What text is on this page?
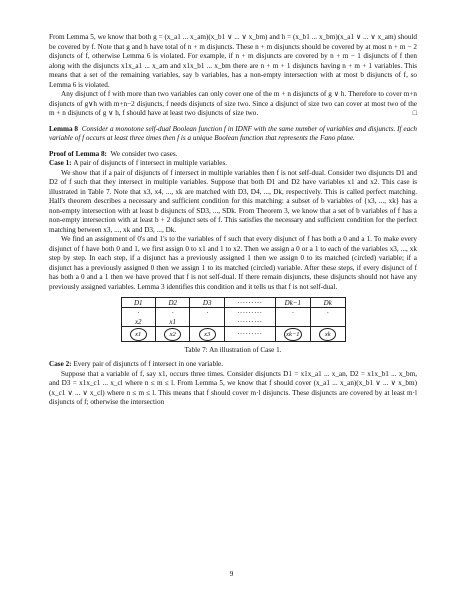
From Lemma 5, we know that both g = (x_a1 ... x_am)(x_b1 ∨ ... ∨ x_bm) and h = (x_b1 ... x_bm)(x_a1 ∨ ... ∨ x_am) should be covered by f. Note that g and h have total of n + m disjuncts. These n + m disjuncts should be covered by at most n + m − 2 disjuncts of f, otherwise Lemma 6 is violated. For example, if n + m disjuncts are covered by n + m − 1 disjuncts of f then along with the disjuncts x1x_a1 ... x_am and x1x_b1 ... x_bm there are n + m + 1 disjuncts having n + m + 1 variables. This means that a set of the remaining variables, say b variables, has a non-empty intersection with at most b disjuncts of f, so Lemma 6 is violated.

Any disjunct of f with more than two variables can only cover one of the m + n disjuncts of g ∨ h. Therefore to cover m+n disjuncts of g∨h with m+n−2 disjuncts, f needs disjuncts of size two. Since a disjunct of size two can cover at most two of the m + n disjuncts of g ∨ h, f should have at least two disjuncts of size two.	□

Lemma 8 Consider a monotone self-dual Boolean function f in IDNF with the same number of variables and disjuncts. If each variable of f occurs at least three times then f is a unique Boolean function that represents the Fano plane.

Proof of Lemma 8: We consider two cases.

Case 1: A pair of disjuncts of f intersect in multiple variables.

We show that if a pair of disjuncts of f intersect in multiple variables then f is not self-dual. Consider two disjuncts D1 and D2 of f such that they intersect in multiple variables. Suppose that both D1 and D2 have variables x1 and x2. This case is illustrated in Table 7. Note that x3, x4, ..., xk are matched with D3, D4, ..., Dk, respectively. This is called perfect matching. Hall's theorem describes a necessary and sufficient condition for this matching: a subset of b variables of {x3, ..., xk} has a non-empty intersection with at least b disjuncts of SD3, ..., SDk. From Theorem 3, we know that a set of b variables of f has a non-empty intersection with at least b + 2 disjunct sets of f. This satisfies the necessary and sufficient condition for the perfect matching between x3, ..., xk and D3, ..., Dk.

We find an assignment of 0's and 1's to the variables of f such that every disjunct of f has both a 0 and a 1. To make every disjunct of f have both 0 and 1, we first assign 0 to x1 and 1 to x2. Then we assign a 0 or a 1 to each of the variables x3, ..., xk step by step. In each step, if a disjunct has a previously assigned 1 then we assign 0 to its matched (circled) variable; if a disjunct has a previously assigned 0 then we assign 1 to its matched (circled) variable. After these steps, if every disjunct of f has both a 0 and a 1 then we have proved that f is not self-dual. If there remain disjuncts, these disjuncts should not have any previously assigned variables. Lemma 3 identifies this condition and it tells us that f is not self-dual.

D1	D2	D3	·········	Dk−1	Dk
·	·	·	·········	·	·
x2	x1		·········		
x1	x2	x3	·········	xk−1	xk
Table 7: An illustration of Case 1.

Case 2: Every pair of disjuncts of f intersect in one variable.

Suppose that a variable of f, say x1, occurs three times. Consider disjuncts D1 = x1x_a1 ... x_an, D2 = x1x_b1 ... x_bm, and D3 = x1x_c1 ... x_cl where n ≤ m ≤ l. From Lemma 5, we know that f should cover (x_a1 ... x_an)(x_b1 ∨ ... ∨ x_bm)(x_c1 ∨ ... ∨ x_cl) where n ≤ m ≤ l. This means that f should cover m·l disjuncts. These disjuncts are covered by at least m·l disjuncts of f; otherwise the intersection

9
